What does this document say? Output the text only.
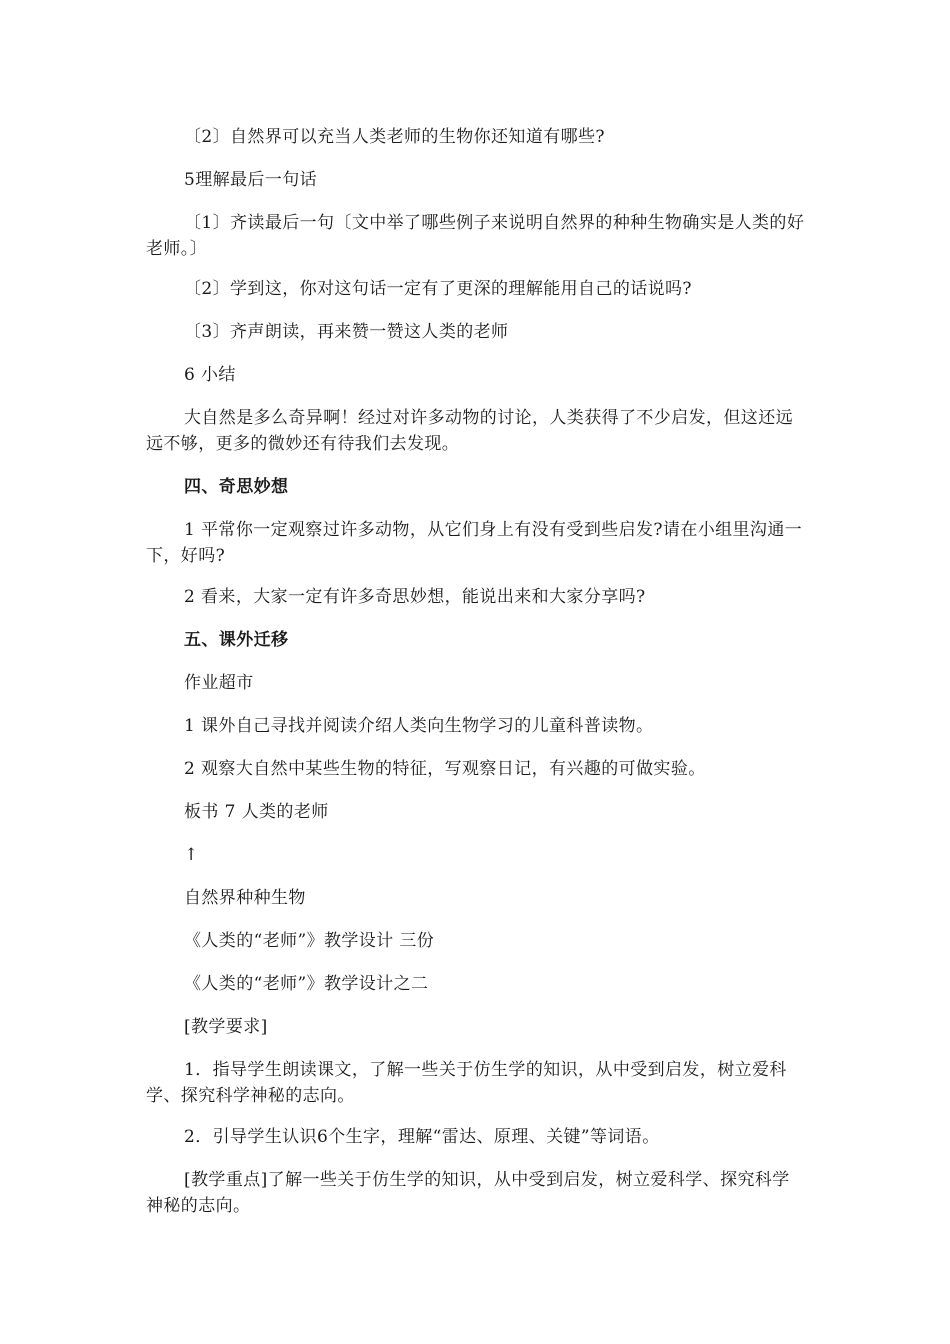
〔2〕自然界可以充当人类老师的生物你还知道有哪些?

5理解最后一句话

〔1〕齐读最后一句〔文中举了哪些例子来说明自然界的种种生物确实是人类的好老师。〕

〔2〕学到这，你对这句话一定有了更深的理解能用自己的话说吗?

〔3〕齐声朗读，再来赞一赞这人类的老师

6 小结

大自然是多么奇异啊！经过对许多动物的讨论，人类获得了不少启发，但这还远远不够，更多的微妙还有待我们去发现。

四、奇思妙想

1 平常你一定观察过许多动物，从它们身上有没有受到些启发?请在小组里沟通一下，好吗?

2 看来，大家一定有许多奇思妙想，能说出来和大家分享吗?

五、课外迁移

作业超市

1 课外自己寻找并阅读介绍人类向生物学习的儿童科普读物。

2 观察大自然中某些生物的特征，写观察日记，有兴趣的可做实验。

板书 7 人类的老师

↑

自然界种种生物

《人类的“老师”》教学设计 三份

《人类的“老师”》教学设计之二

[教学要求]

1．指导学生朗读课文，了解一些关于仿生学的知识，从中受到启发，树立爱科学、探究科学神秘的志向。

2．引导学生认识6个生字，理解“雷达、原理、关键”等词语。

[教学重点]了解一些关于仿生学的知识，从中受到启发，树立爱科学、探究科学神秘的志向。
